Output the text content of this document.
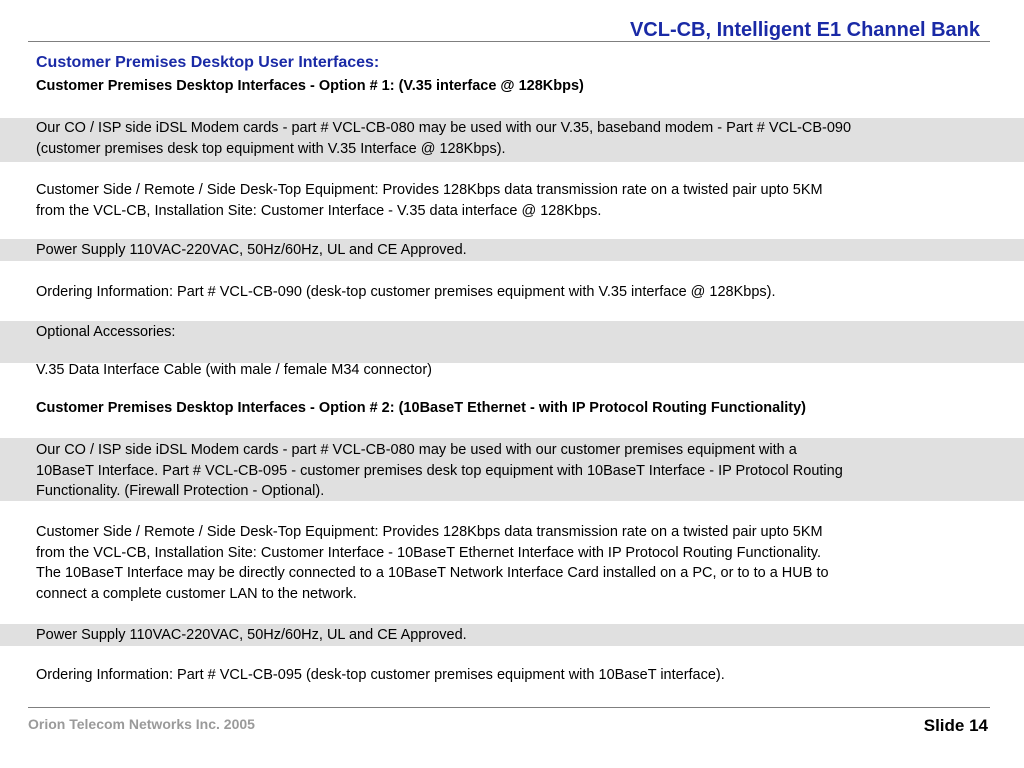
VCL-CB, Intelligent E1 Channel Bank
Customer Premises Desktop User Interfaces:
Customer Premises Desktop Interfaces - Option # 1: (V.35 interface @ 128Kbps)

Our CO / ISP side iDSL Modem cards - part # VCL-CB-080 may be used with our V.35, baseband modem - Part # VCL-CB-090
(customer premises desk top equipment with V.35 Interface @ 128Kbps).

Customer Side / Remote / Side Desk-Top Equipment: Provides 128Kbps data transmission rate on a twisted pair upto 5KM
from the VCL-CB, Installation Site: Customer Interface - V.35 data interface @ 128Kbps.

Power Supply 110VAC-220VAC, 50Hz/60Hz, UL and CE Approved.

Ordering Information: Part # VCL-CB-090 (desk-top customer premises equipment with V.35 interface @ 128Kbps).

Optional Accessories:

V.35 Data Interface Cable (with male / female M34 connector)

Customer Premises Desktop Interfaces - Option # 2: (10BaseT Ethernet - with IP Protocol Routing Functionality)

Our CO / ISP side iDSL Modem cards - part # VCL-CB-080 may be used with our customer premises equipment with a
10BaseT Interface. Part # VCL-CB-095 - customer premises desk top equipment with 10BaseT Interface - IP Protocol Routing
Functionality. (Firewall Protection - Optional).

Customer Side / Remote / Side Desk-Top Equipment: Provides 128Kbps data transmission rate on a twisted pair upto 5KM
from the VCL-CB, Installation Site: Customer Interface - 10BaseT Ethernet Interface with IP Protocol Routing Functionality.
The 10BaseT Interface may be directly connected to a 10BaseT Network Interface Card installed on a PC, or to to a HUB to
connect a complete customer LAN to the network.

Power Supply 110VAC-220VAC, 50Hz/60Hz, UL and CE Approved.

Ordering Information: Part # VCL-CB-095 (desk-top customer premises equipment with 10BaseT interface).

Orion Telecom Networks Inc. 2005	Slide 14
